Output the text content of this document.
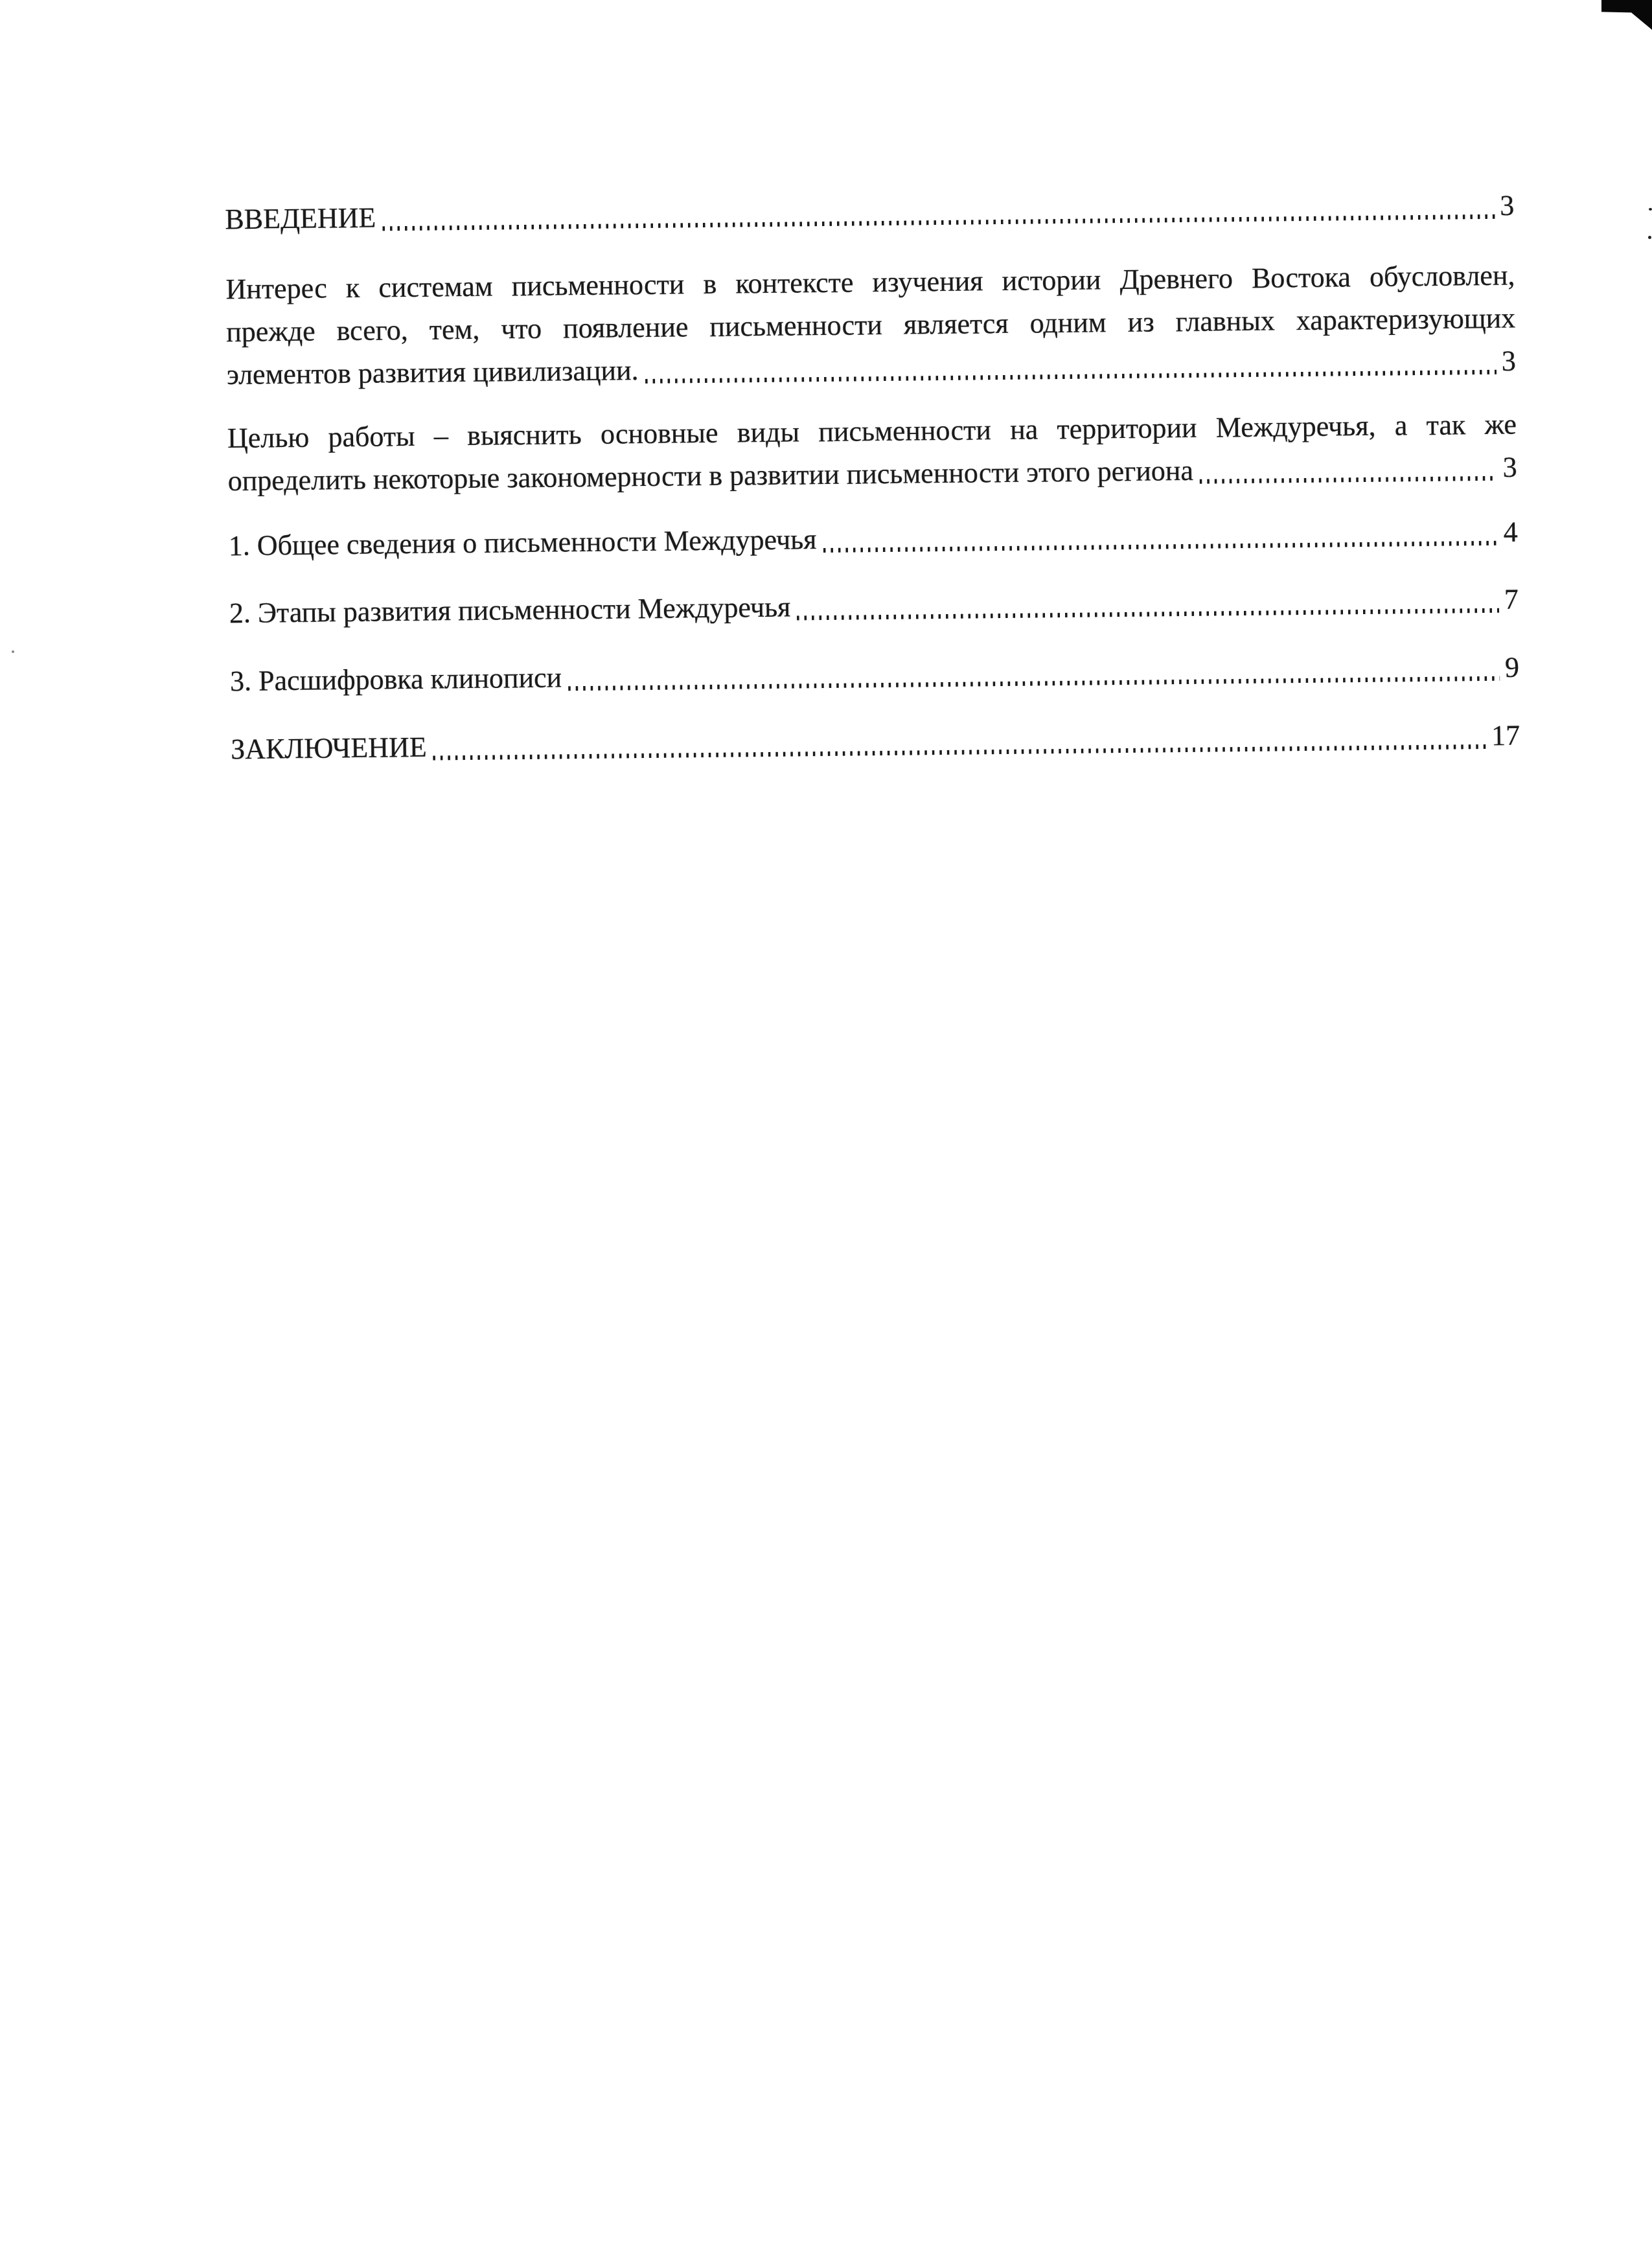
ВВЕДЕНИЕ	3
Интерес к системам письменности в контексте изучения истории Древнего Востока обусловлен,
прежде всего, тем, что появление письменности является одним из главных характеризующих
элементов развития цивилизации.	3
Целью работы – выяснить основные виды письменности на территории Междуречья, а так же
определить некоторые закономерности в развитии письменности этого региона	3
1. Общее сведения о письменности Междуречья	4
2. Этапы развития письменности Междуречья	7
3. Расшифровка клинописи	9
ЗАКЛЮЧЕНИЕ	17
